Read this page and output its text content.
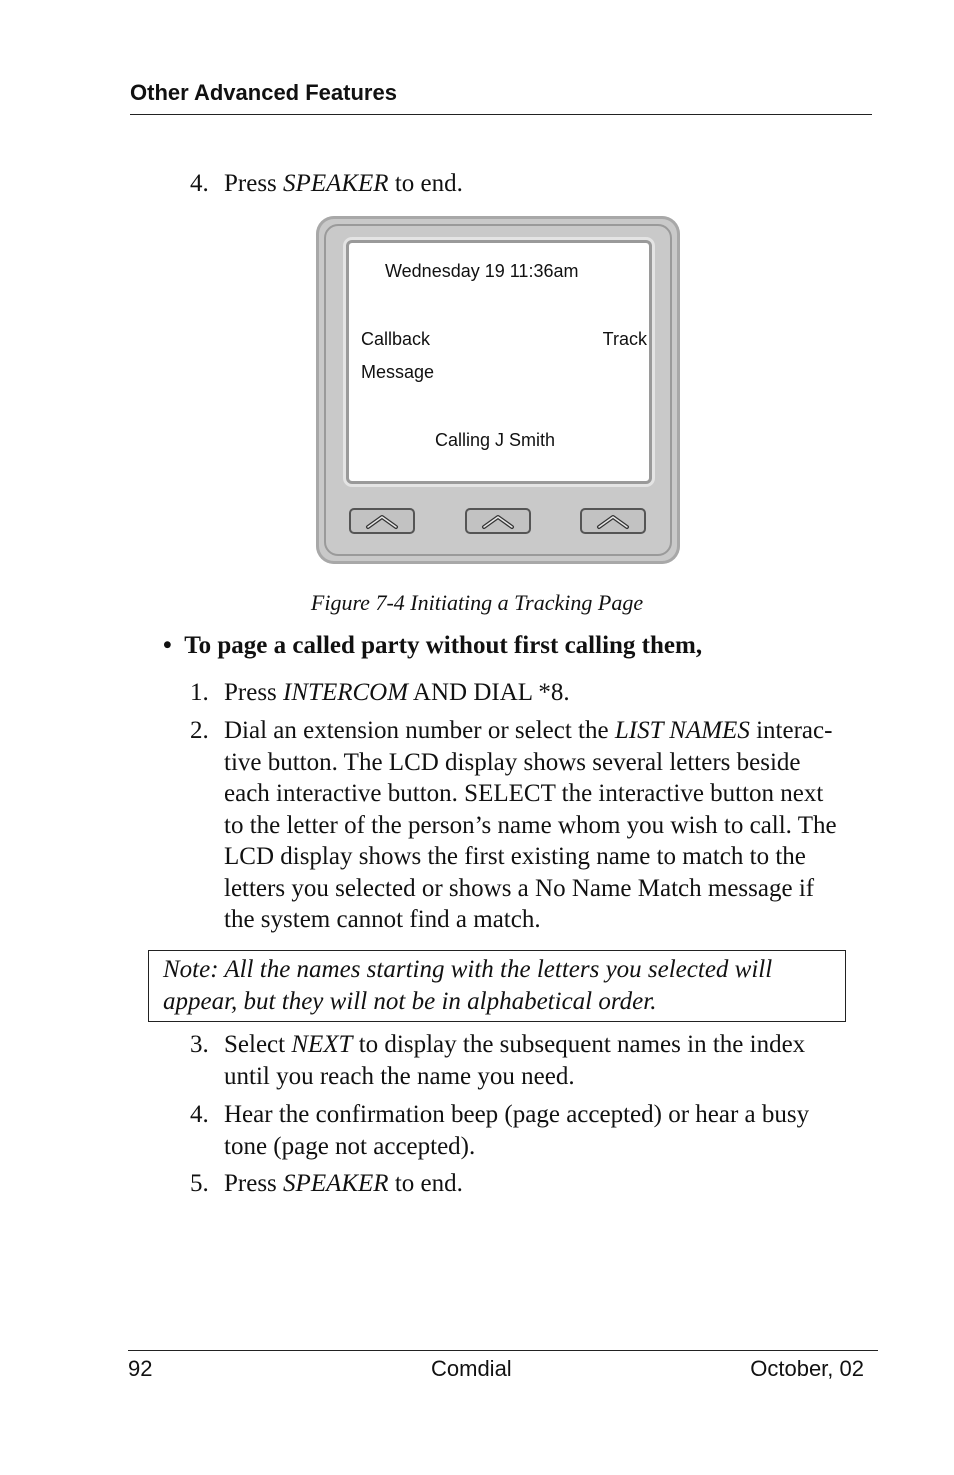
Other Advanced Features
4. Press SPEAKER to end.
Wednesday 19 11:36am
Callback	Track
Message
Calling J Smith
Figure 7-4 Initiating a Tracking Page
• To page a called party without first calling them,
1. Press INTERCOM AND DIAL *8.
2. Dial an extension number or select the LIST NAMES interac-
tive button. The LCD display shows several letters beside
each interactive button. SELECT the interactive button next
to the letter of the person’s name whom you wish to call. The
LCD display shows the first existing name to match to the
letters you selected or shows a No Name Match message if
the system cannot find a match.
Note: All the names starting with the letters you selected will
appear, but they will not be in alphabetical order.
3. Select NEXT to display the subsequent names in the index
until you reach the name you need.
4. Hear the confirmation beep (page accepted) or hear a busy
tone (page not accepted).
5. Press SPEAKER to end.
92	Comdial	October, 02
